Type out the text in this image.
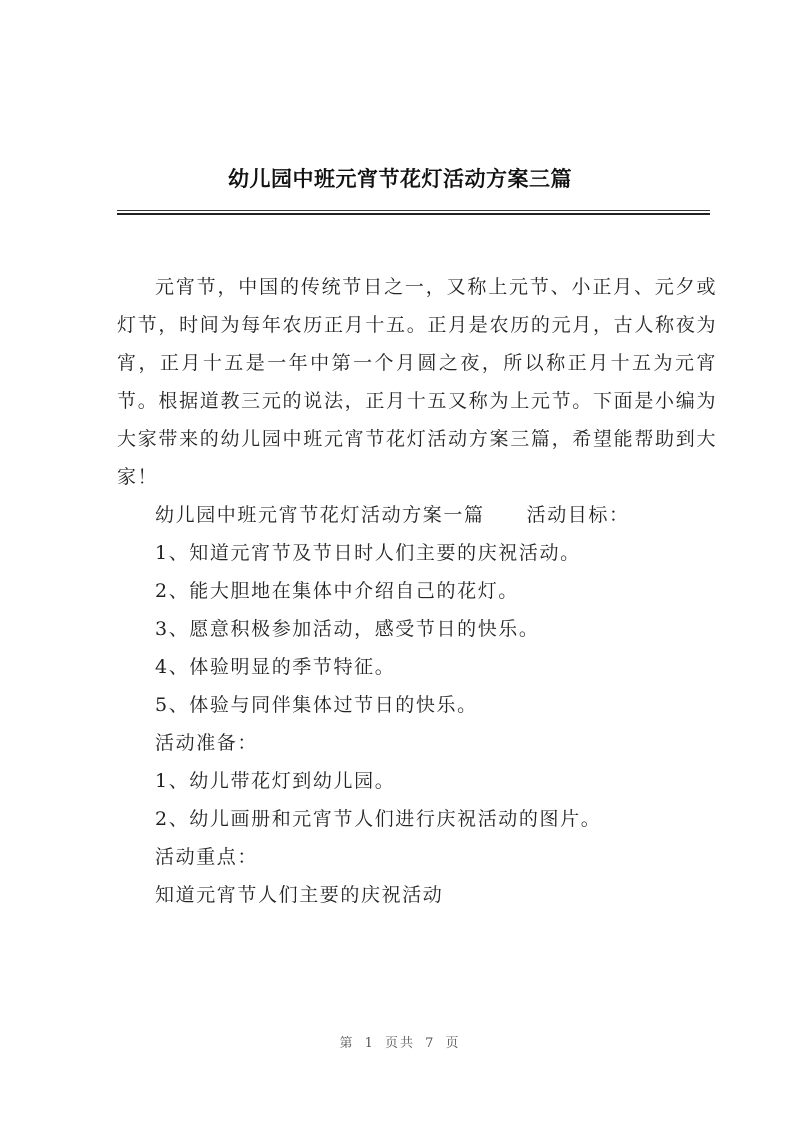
幼儿园中班元宵节花灯活动方案三篇

元宵节，中国的传统节日之一，又称上元节、小正月、元夕或灯节，时间为每年农历正月十五。正月是农历的元月，古人称夜为宵，正月十五是一年中第一个月圆之夜，所以称正月十五为元宵节。根据道教三元的说法，正月十五又称为上元节。下面是小编为大家带来的幼儿园中班元宵节花灯活动方案三篇，希望能帮助到大家！

幼儿园中班元宵节花灯活动方案一篇 活动目标：

1、知道元宵节及节日时人们主要的庆祝活动。

2、能大胆地在集体中介绍自己的花灯。

3、愿意积极参加活动，感受节日的快乐。

4、体验明显的季节特征。

5、体验与同伴集体过节日的快乐。

活动准备：

1、幼儿带花灯到幼儿园。

2、幼儿画册和元宵节人们进行庆祝活动的图片。

活动重点：

知道元宵节人们主要的庆祝活动

第 1 页共 7 页
